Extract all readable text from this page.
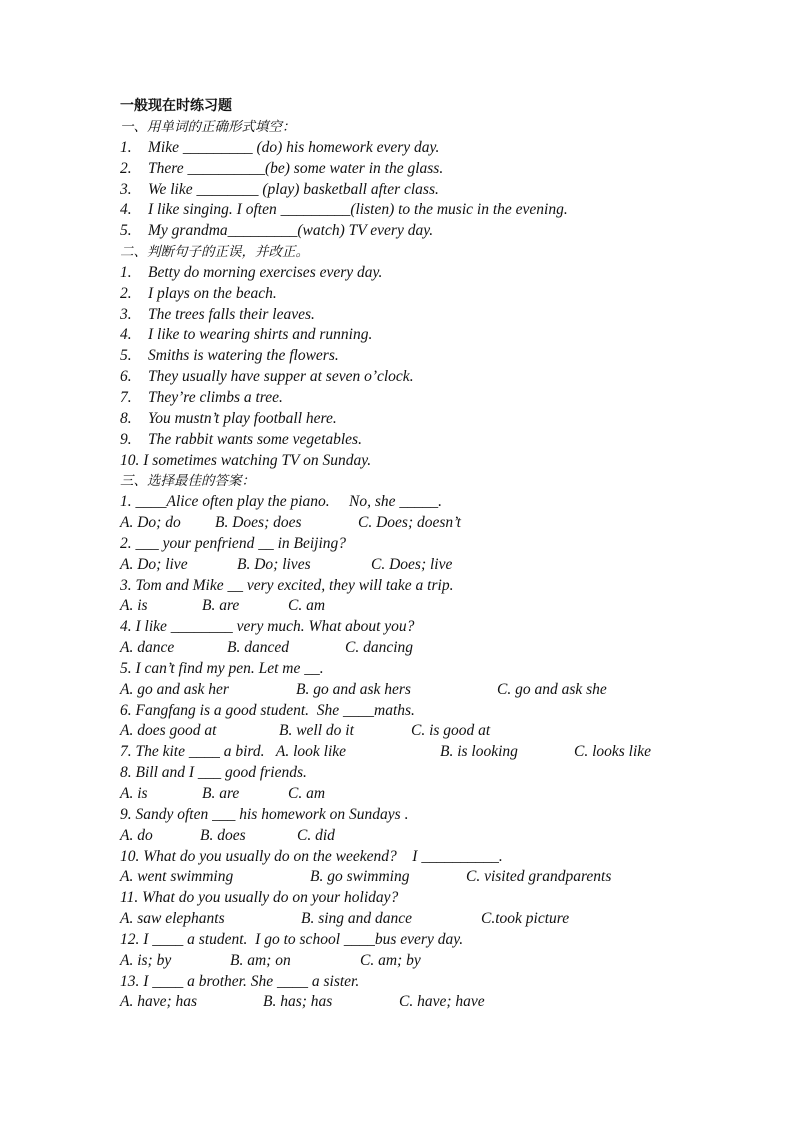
一般现在时练习题
一、用单词的正确形式填空：
1. Mike _________ (do) his homework every day.
2. There __________(be) some water in the glass.
3. We like ________ (play) basketball after class.
4. I like singing. I often _________(listen) to the music in the evening.
5. My grandma_________(watch) TV every day.
二、判断句子的正误，并改正。
1. Betty do morning exercises every day.
2. I plays on the beach.
3. The trees falls their leaves.
4. I like to wearing shirts and running.
5. Smiths is watering the flowers.
6. They usually have supper at seven o’clock.
7. They’re climbs a tree.
8. You mustn’t play football here.
9. The rabbit wants some vegetables.
10. I sometimes watching TV on Sunday.
三、选择最佳的答案：
1. ____Alice often play the piano.     No, she _____.
A. Do; do B. Does; does	C. Does; doesn’t
2. ___ your penfriend __ in Beijing?
A. Do; live	B. Do; lives	C. Does; live
3. Tom and Mike __ very excited, they will take a trip.
A. is	B. are	C. am
4. I like ________ very much. What about you?
A. dance	B. danced	C. dancing
5. I can’t find my pen. Let me __.
A. go and ask her	B. go and ask hers	C. go and ask she
6. Fangfang is a good student.  She ____maths.
A. does good at	B. well do it	C. is good at
7. The kite ____ a bird.   A. look like	B. is looking	C. looks like
8. Bill and I ___ good friends.
A. is	B. are	C. am
9. Sandy often ___ his homework on Sundays .
A. do	B. does	C. did
10. What do you usually do on the weekend?    I __________.
A. went swimming	B. go swimming	C. visited grandparents
11. What do you usually do on your holiday?
A. saw elephants	B. sing and dance	C.took picture
12. I ____ a student.  I go to school ____bus every day.
A. is; by	B. am; on	C. am; by
13. I ____ a brother. She ____ a sister.
A. have; has	B. has; has	C. have; have
